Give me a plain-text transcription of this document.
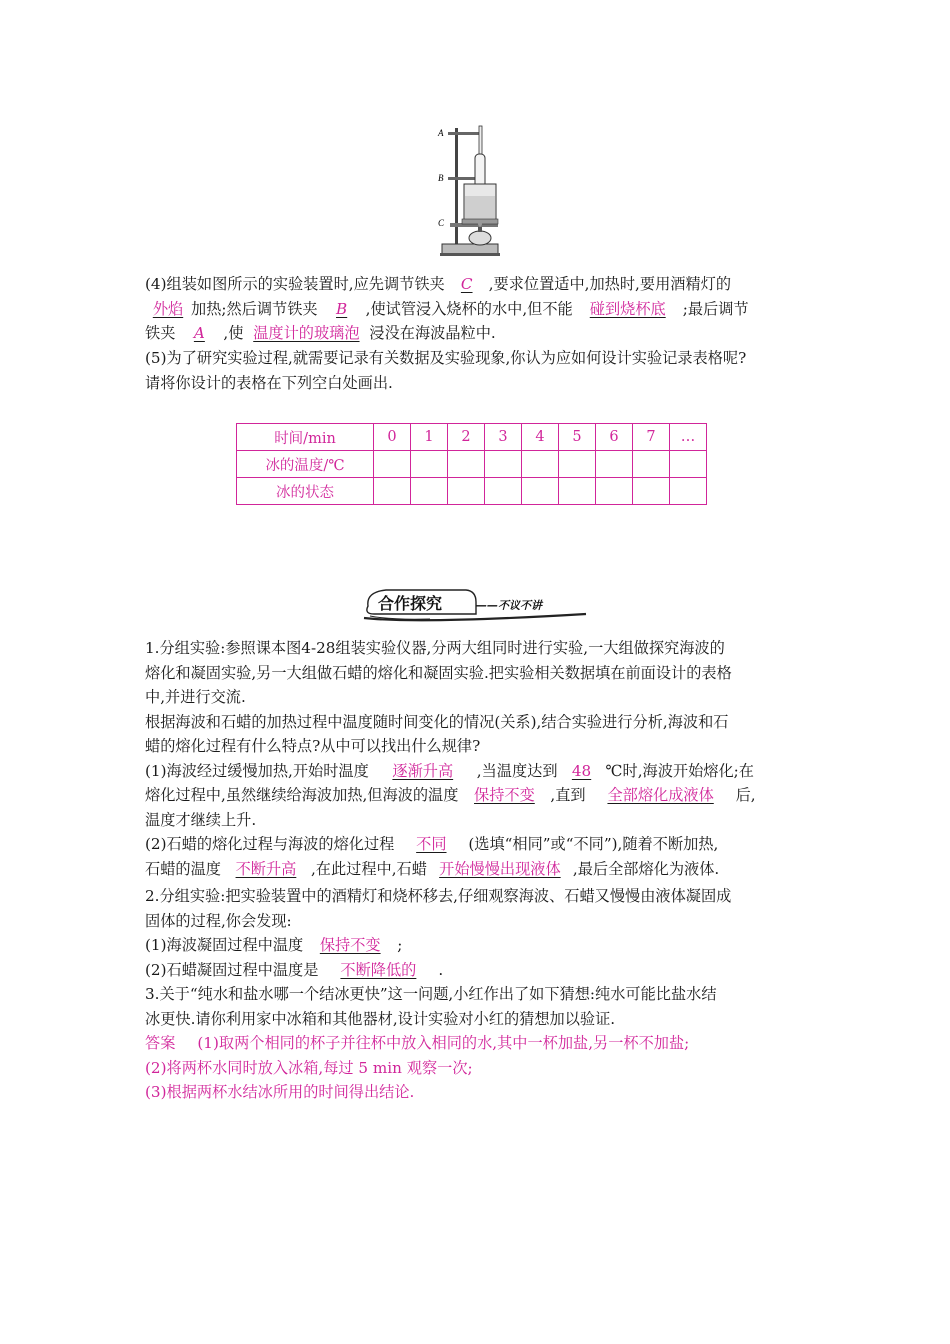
A
B
C
(4)组装如图所示的实验装置时,应先调节铁夹 C ,要求位置适中,加热时,要用酒精灯的
外焰 加热;然后调节铁夹 B ,使试管浸入烧杯的水中,但不能 碰到烧杯底 ;最后调节
铁夹 A ,使 温度计的玻璃泡 浸没在海波晶粒中.
(5)为了研究实验过程,就需要记录有关数据及实验现象,你认为应如何设计实验记录表格呢?
请将你设计的表格在下列空白处画出.
时间/min	0	1	2	3	4	5	6	7	…
冰的温度/℃									
冰的状态									
合作探究	——不议不讲
1.分组实验:参照课本图4-28组装实验仪器,分两大组同时进行实验,一大组做探究海波的
熔化和凝固实验,另一大组做石蜡的熔化和凝固实验.把实验相关数据填在前面设计的表格
中,并进行交流.
根据海波和石蜡的加热过程中温度随时间变化的情况(关系),结合实验进行分析,海波和石
蜡的熔化过程有什么特点?从中可以找出什么规律?
(1)海波经过缓慢加热,开始时温度 逐渐升高 ,当温度达到 48 ℃时,海波开始熔化;在
熔化过程中,虽然继续给海波加热,但海波的温度 保持不变 ,直到 全部熔化成液体 后,
温度才继续上升.
(2)石蜡的熔化过程与海波的熔化过程 不同 (选填“相同”或“不同”),随着不断加热,
石蜡的温度 不断升高 ,在此过程中,石蜡 开始慢慢出现液体 ,最后全部熔化为液体.
2.分组实验:把实验装置中的酒精灯和烧杯移去,仔细观察海波、石蜡又慢慢由液体凝固成
固体的过程,你会发现:
(1)海波凝固过程中温度 保持不变 ;
(2)石蜡凝固过程中温度是 不断降低的 .
3.关于“纯水和盐水哪一个结冰更快”这一问题,小红作出了如下猜想:纯水可能比盐水结
冰更快.请你利用家中冰箱和其他器材,设计实验对小红的猜想加以验证.
答案 (1)取两个相同的杯子并往杯中放入相同的水,其中一杯加盐,另一杯不加盐;
(2)将两杯水同时放入冰箱,每过 5 min 观察一次;
(3)根据两杯水结冰所用的时间得出结论.
